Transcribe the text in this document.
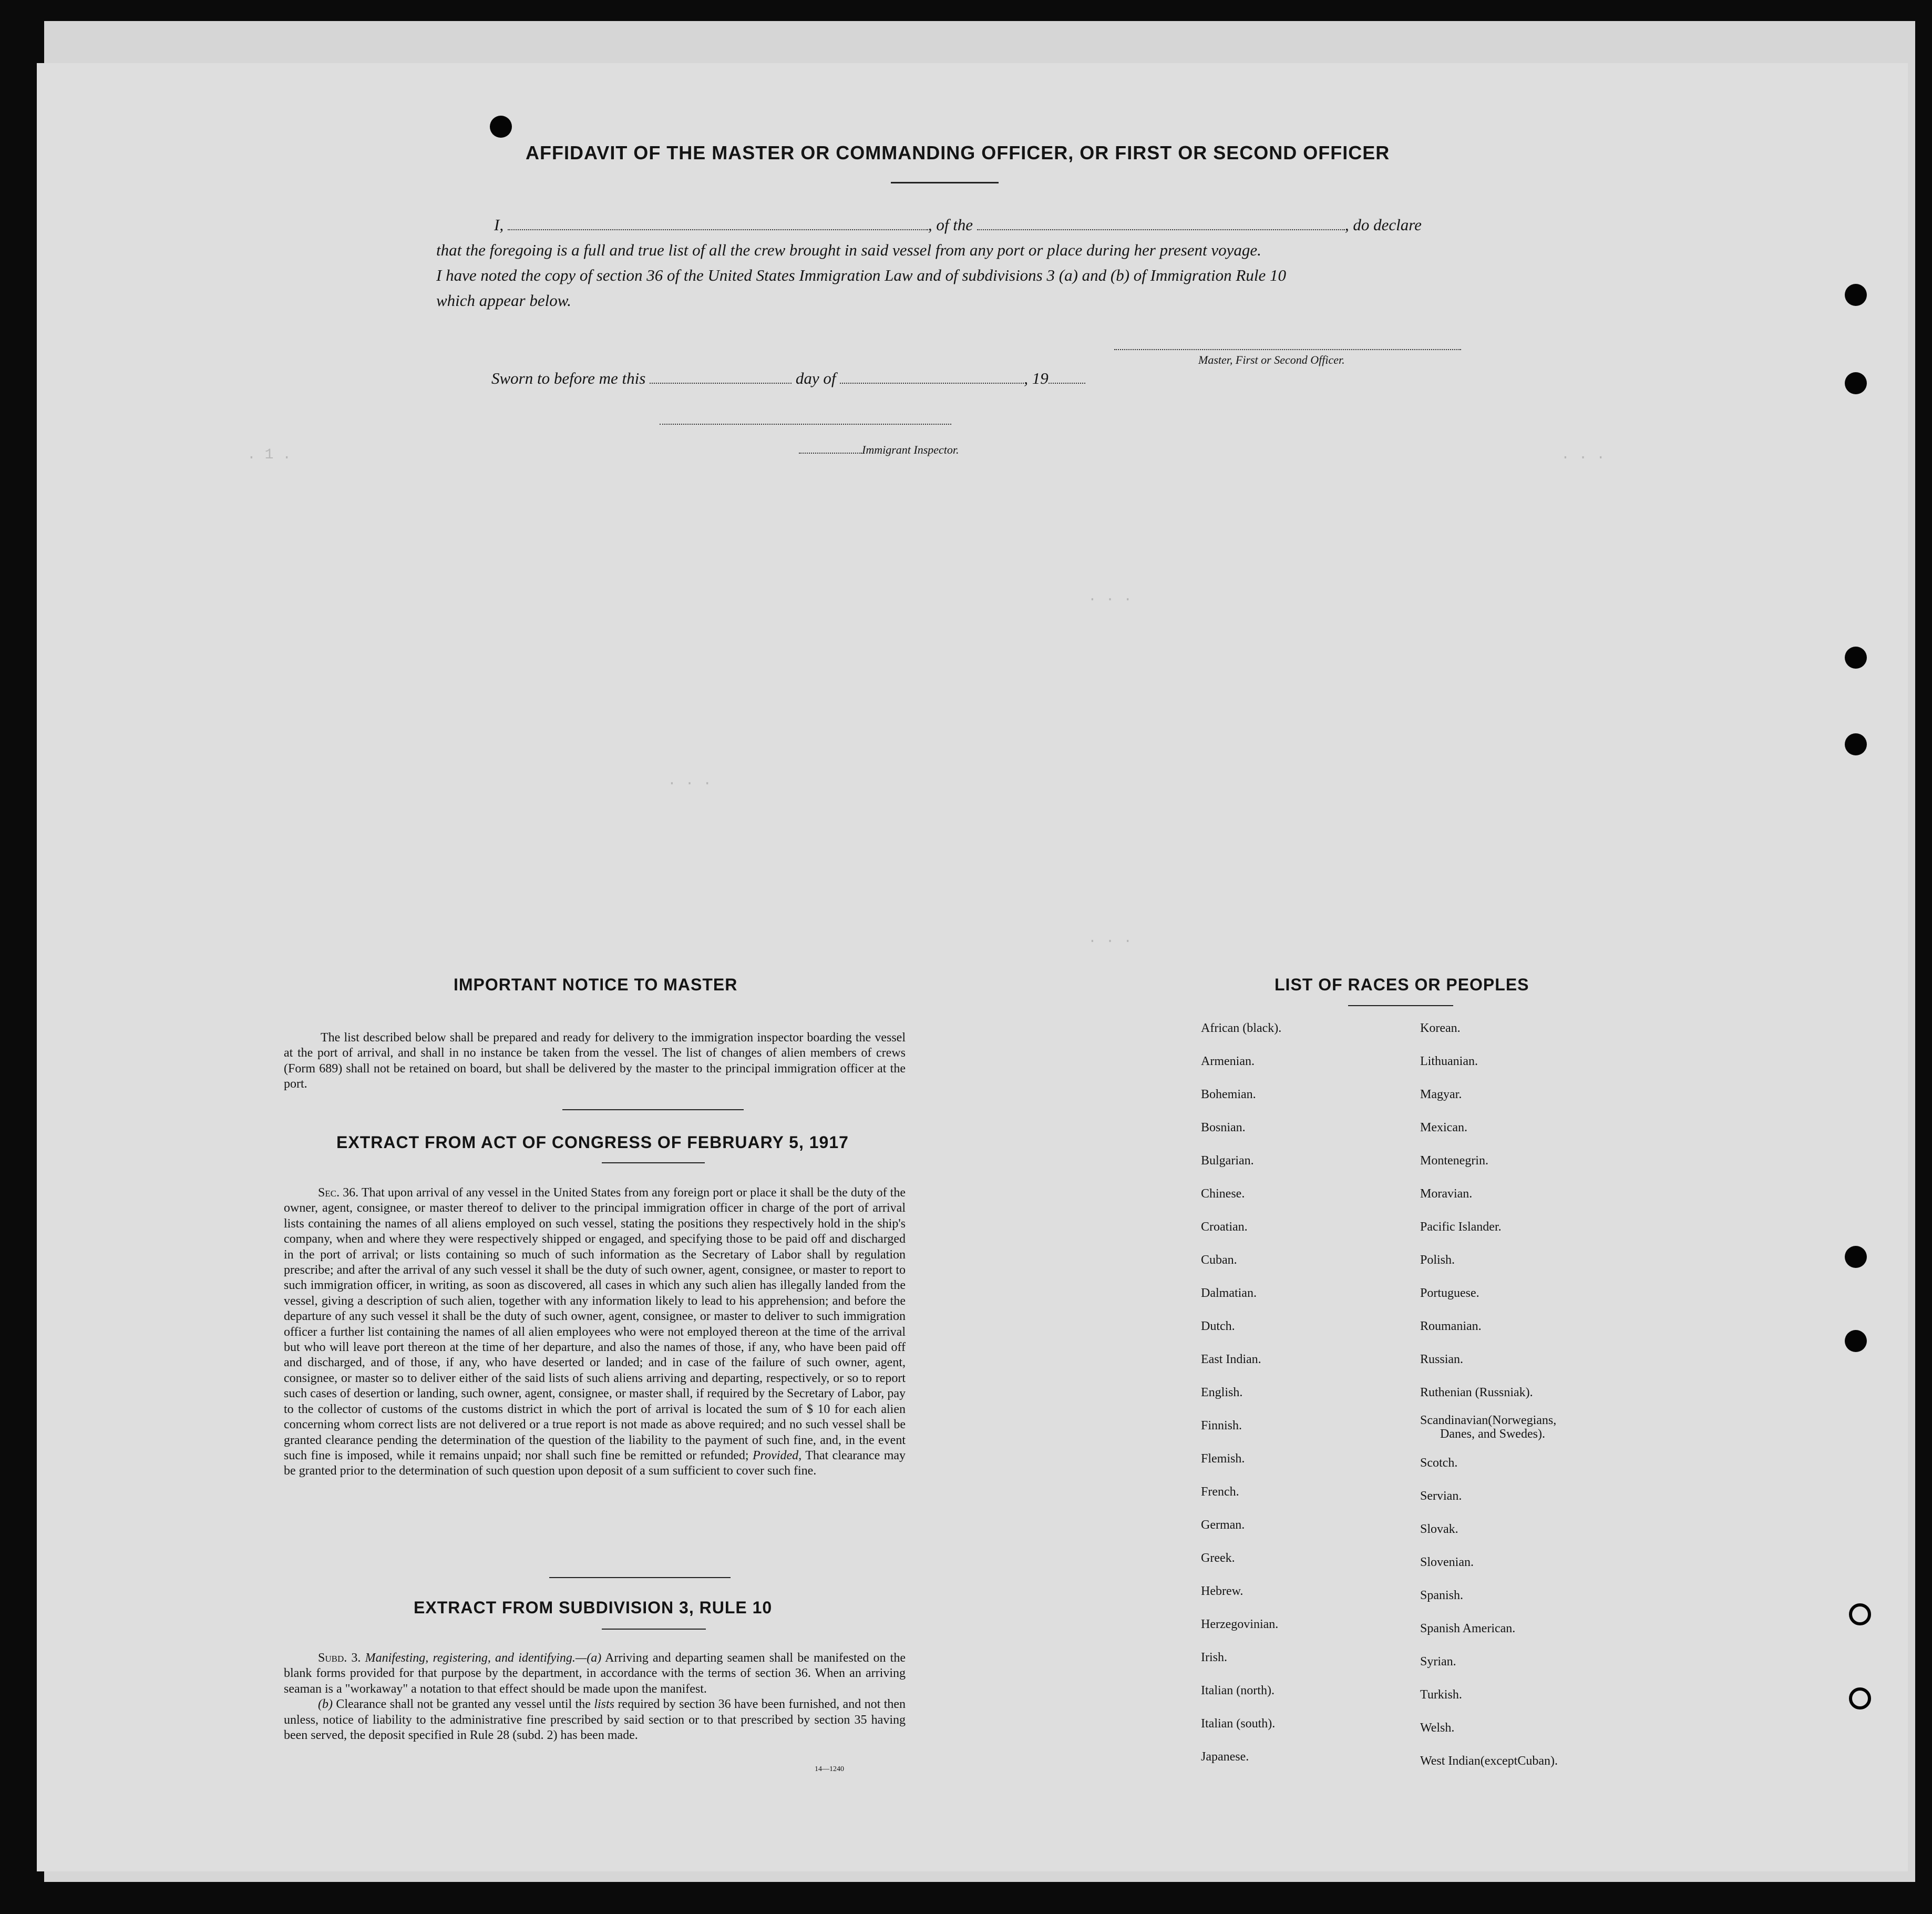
. 1 .	. . .
. . .
. . .
. . .
AFFIDAVIT OF THE MASTER OR COMMANDING OFFICER, OR FIRST OR SECOND OFFICER
I,	, of the	, do declare
that the foregoing is a full and true list of all the crew brought in said vessel from any port or place during her present voyage.
I have noted the copy of section 36 of the United States Immigration Law and of subdivisions 3 (a) and (b) of Immigration Rule 10
which appear below.
Master, First or Second Officer.
Sworn to before me this	day of	, 19
Immigrant Inspector.
IMPORTANT NOTICE TO MASTER
The list described below shall be prepared and ready for delivery to the immigration inspector boarding the vessel at the port of arrival, and shall in no instance be taken from the vessel. The list of changes of alien members of crews (Form 689) shall not be retained on board, but shall be delivered by the master to the principal immigration officer at the port.
EXTRACT FROM ACT OF CONGRESS OF FEBRUARY 5, 1917
Sec. 36. That upon arrival of any vessel in the United States from any foreign port or place it shall be the duty of the owner, agent, consignee, or master thereof to deliver to the principal immigration officer in charge of the port of arrival lists containing the names of all aliens employed on such vessel, stating the positions they respectively hold in the ship's company, when and where they were respectively shipped or engaged, and specifying those to be paid off and discharged in the port of arrival; or lists containing so much of such information as the Secretary of Labor shall by regulation prescribe; and after the arrival of any such vessel it shall be the duty of such owner, agent, consignee, or master to report to such immigration officer, in writing, as soon as discovered, all cases in which any such alien has illegally landed from the vessel, giving a description of such alien, together with any information likely to lead to his apprehension; and before the departure of any such vessel it shall be the duty of such owner, agent, consignee, or master to deliver to such immigration officer a further list containing the names of all alien employees who were not employed thereon at the time of the arrival but who will leave port thereon at the time of her departure, and also the names of those, if any, who have been paid off and discharged, and of those, if any, who have deserted or landed; and in case of the failure of such owner, agent, consignee, or master so to deliver either of the said lists of such aliens arriving and departing, respectively, or so to report such cases of desertion or landing, such owner, agent, consignee, or master shall, if required by the Secretary of Labor, pay to the collector of customs of the customs district in which the port of arrival is located the sum of $ 10 for each alien concerning whom correct lists are not delivered or a true report is not made as above required; and no such vessel shall be granted clearance pending the determination of the question of the liability to the payment of such fine, and, in the event such fine is imposed, while it remains unpaid; nor shall such fine be remitted or refunded; Provided, That clearance may be granted prior to the determination of such question upon deposit of a sum sufficient to cover such fine.
EXTRACT FROM SUBDIVISION 3, RULE 10
Subd. 3. Manifesting, registering, and identifying.—(a) Arriving and departing seamen shall be manifested on the blank forms provided for that purpose by the department, in accordance with the terms of section 36. When an arriving seaman is a "workaway" a notation to that effect should be made upon the manifest.
(b) Clearance shall not be granted any vessel until the lists required by section 36 have been furnished, and not then unless, notice of liability to the administrative fine prescribed by said section or to that prescribed by section 35 having been served, the deposit specified in Rule 28 (subd. 2) has been made.
14—1240
LIST OF RACES OR PEOPLES
African (black).
Armenian.
Bohemian.
Bosnian.
Bulgarian.
Chinese.
Croatian.
Cuban.
Dalmatian.
Dutch.
East Indian.
English.
Finnish.
Flemish.
French.
German.
Greek.
Hebrew.
Herzegovinian.
Irish.
Italian (north).
Italian (south).
Japanese.
Korean.
Lithuanian.
Magyar.
Mexican.
Montenegrin.
Moravian.
Pacific Islander.
Polish.
Portuguese.
Roumanian.
Russian.
Ruthenian (Russniak).
Scandinavian(Norwegians,
Danes, and Swedes).
Scotch.
Servian.
Slovak.
Slovenian.
Spanish.
Spanish American.
Syrian.
Turkish.
Welsh.
West Indian(exceptCuban).
